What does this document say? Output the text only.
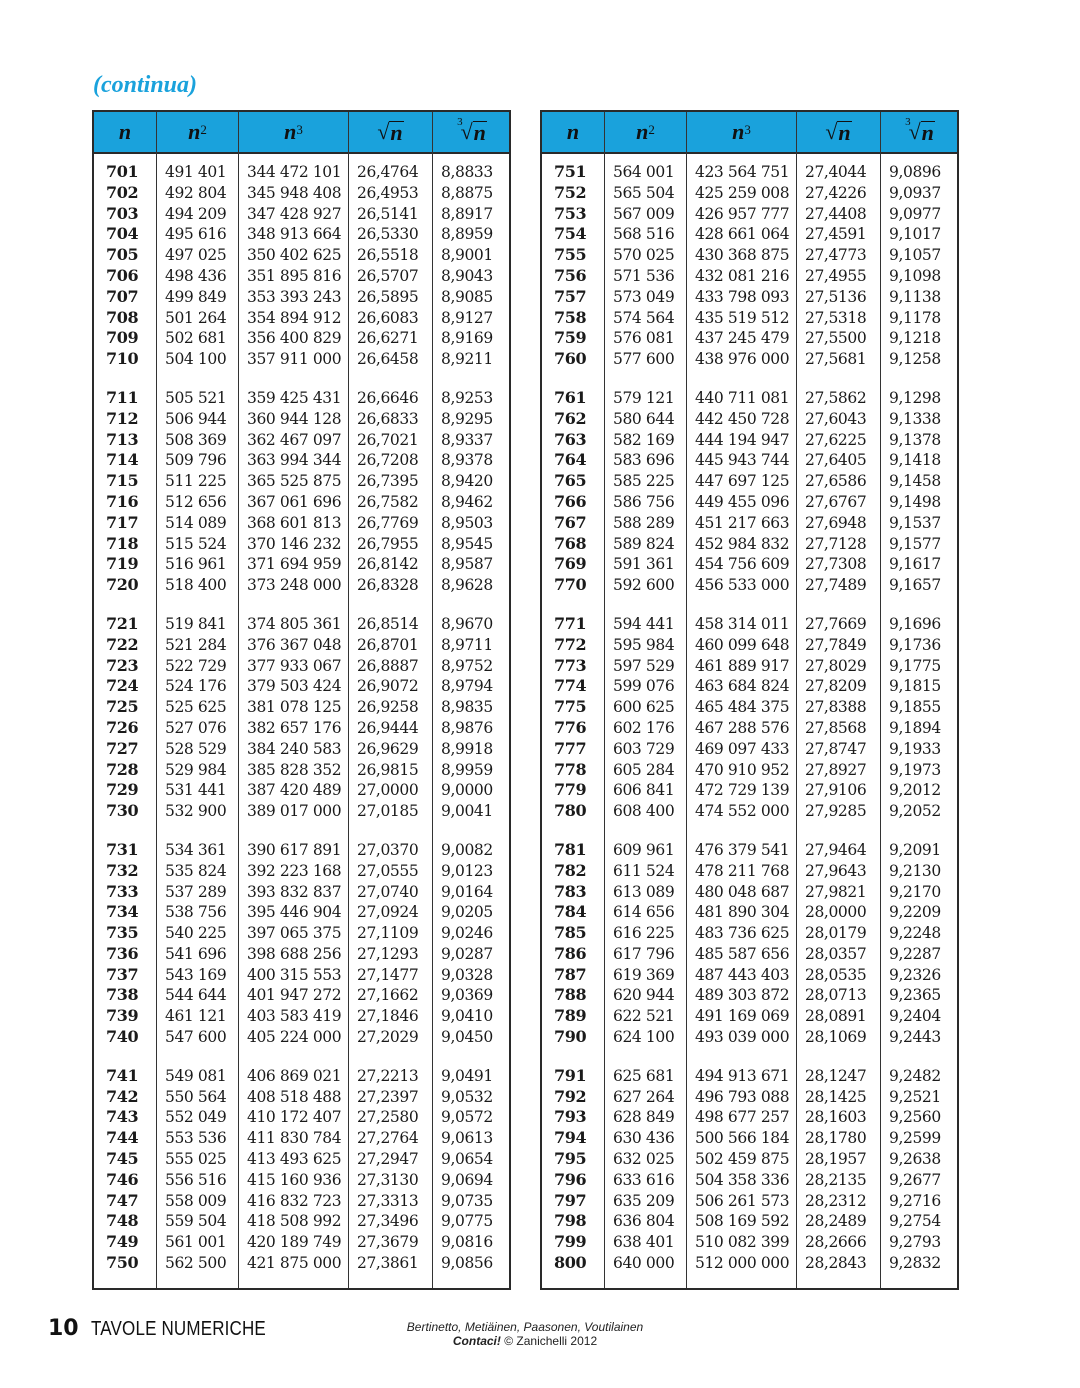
(continua)
n
701
702
703
704
705
706
707
708
709
710
711
712
713
714
715
716
717
718
719
720
721
722
723
724
725
726
727
728
729
730
731
732
733
734
735
736
737
738
739
740
741
742
743
744
745
746
747
748
749
750
$n^2$
491 401
492 804
494 209
495 616
497 025
498 436
499 849
501 264
502 681
504 100
505 521
506 944
508 369
509 796
511 225
512 656
514 089
515 524
516 961
518 400
519 841
521 284
522 729
524 176
525 625
527 076
528 529
529 984
531 441
532 900
534 361
535 824
537 289
538 756
540 225
541 696
543 169
544 644
461 121
547 600
549 081
550 564
552 049
553 536
555 025
556 516
558 009
559 504
561 001
562 500
$n^3$
344 472 101
345 948 408
347 428 927
348 913 664
350 402 625
351 895 816
353 393 243
354 894 912
356 400 829
357 911 000
359 425 431
360 944 128
362 467 097
363 994 344
365 525 875
367 061 696
368 601 813
370 146 232
371 694 959
373 248 000
374 805 361
376 367 048
377 933 067
379 503 424
381 078 125
382 657 176
384 240 583
385 828 352
387 420 489
389 017 000
390 617 891
392 223 168
393 832 837
395 446 904
397 065 375
398 688 256
400 315 553
401 947 272
403 583 419
405 224 000
406 869 021
408 518 488
410 172 407
411 830 784
413 493 625
415 160 936
416 832 723
418 508 992
420 189 749
421 875 000
√ n
26,4764
26,4953
26,5141
26,5330
26,5518
26,5707
26,5895
26,6083
26,6271
26,6458
26,6646
26,6833
26,7021
26,7208
26,7395
26,7582
26,7769
26,7955
26,8142
26,8328
26,8514
26,8701
26,8887
26,9072
26,9258
26,9444
26,9629
26,9815
27,0000
27,0185
27,0370
27,0555
27,0740
27,0924
27,1109
27,1293
27,1477
27,1662
27,1846
27,2029
27,2213
27,2397
27,2580
27,2764
27,2947
27,3130
27,3313
27,3496
27,3679
27,3861
3
√ n
8,8833
8,8875
8,8917
8,8959
8,9001
8,9043
8,9085
8,9127
8,9169
8,9211
8,9253
8,9295
8,9337
8,9378
8,9420
8,9462
8,9503
8,9545
8,9587
8,9628
8,9670
8,9711
8,9752
8,9794
8,9835
8,9876
8,9918
8,9959
9,0000
9,0041
9,0082
9,0123
9,0164
9,0205
9,0246
9,0287
9,0328
9,0369
9,0410
9,0450
9,0491
9,0532
9,0572
9,0613
9,0654
9,0694
9,0735
9,0775
9,0816
9,0856
n
751
752
753
754
755
756
757
758
759
760
761
762
763
764
765
766
767
768
769
770
771
772
773
774
775
776
777
778
779
780
781
782
783
784
785
786
787
788
789
790
791
792
793
794
795
796
797
798
799
800
$n^2$
564 001
565 504
567 009
568 516
570 025
571 536
573 049
574 564
576 081
577 600
579 121
580 644
582 169
583 696
585 225
586 756
588 289
589 824
591 361
592 600
594 441
595 984
597 529
599 076
600 625
602 176
603 729
605 284
606 841
608 400
609 961
611 524
613 089
614 656
616 225
617 796
619 369
620 944
622 521
624 100
625 681
627 264
628 849
630 436
632 025
633 616
635 209
636 804
638 401
640 000
$n^3$
423 564 751
425 259 008
426 957 777
428 661 064
430 368 875
432 081 216
433 798 093
435 519 512
437 245 479
438 976 000
440 711 081
442 450 728
444 194 947
445 943 744
447 697 125
449 455 096
451 217 663
452 984 832
454 756 609
456 533 000
458 314 011
460 099 648
461 889 917
463 684 824
465 484 375
467 288 576
469 097 433
470 910 952
472 729 139
474 552 000
476 379 541
478 211 768
480 048 687
481 890 304
483 736 625
485 587 656
487 443 403
489 303 872
491 169 069
493 039 000
494 913 671
496 793 088
498 677 257
500 566 184
502 459 875
504 358 336
506 261 573
508 169 592
510 082 399
512 000 000
√ n
27,4044
27,4226
27,4408
27,4591
27,4773
27,4955
27,5136
27,5318
27,5500
27,5681
27,5862
27,6043
27,6225
27,6405
27,6586
27,6767
27,6948
27,7128
27,7308
27,7489
27,7669
27,7849
27,8029
27,8209
27,8388
27,8568
27,8747
27,8927
27,9106
27,9285
27,9464
27,9643
27,9821
28,0000
28,0179
28,0357
28,0535
28,0713
28,0891
28,1069
28,1247
28,1425
28,1603
28,1780
28,1957
28,2135
28,2312
28,2489
28,2666
28,2843
3
√ n
9,0896
9,0937
9,0977
9,1017
9,1057
9,1098
9,1138
9,1178
9,1218
9,1258
9,1298
9,1338
9,1378
9,1418
9,1458
9,1498
9,1537
9,1577
9,1617
9,1657
9,1696
9,1736
9,1775
9,1815
9,1855
9,1894
9,1933
9,1973
9,2012
9,2052
9,2091
9,2130
9,2170
9,2209
9,2248
9,2287
9,2326
9,2365
9,2404
9,2443
9,2482
9,2521
9,2560
9,2599
9,2638
9,2677
9,2716
9,2754
9,2793
9,2832
10 TAVOLE NUMERICHE	Bertinetto, Metiäinen, Paasonen, Voutilainen
Contaci! © Zanichelli 2012
